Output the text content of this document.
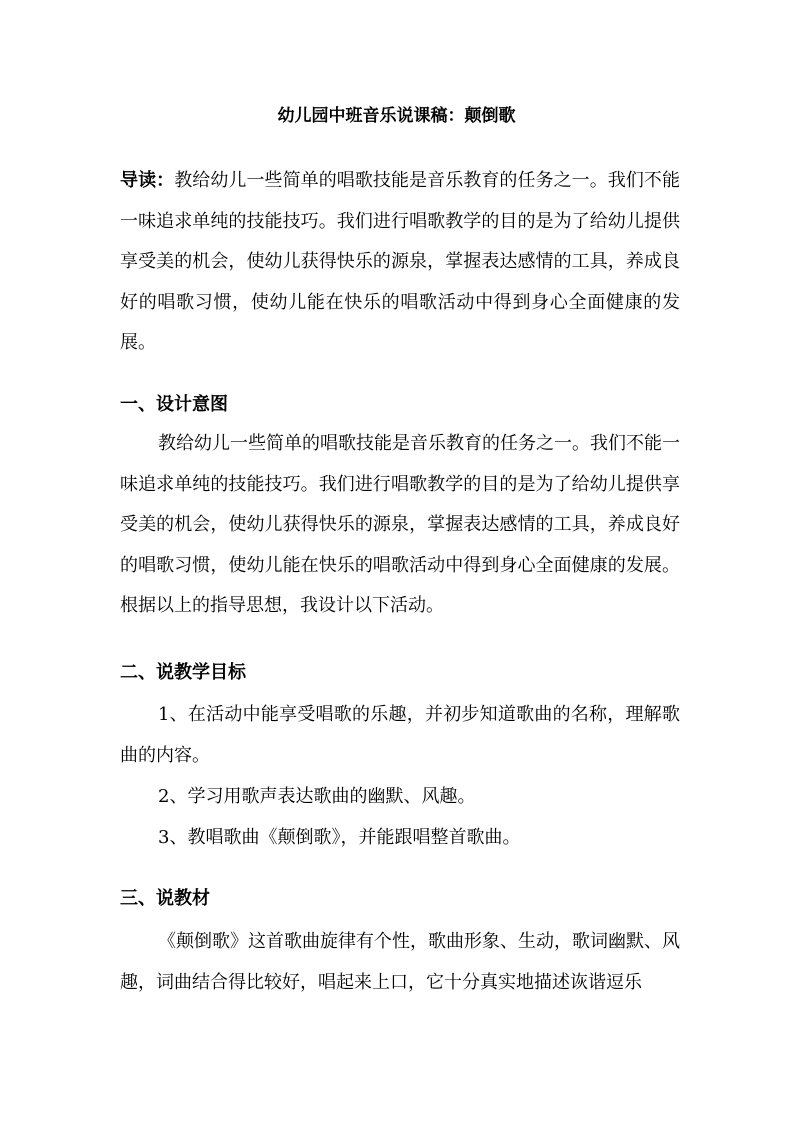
幼儿园中班音乐说课稿：颠倒歌

导读：教给幼儿一些简单的唱歌技能是音乐教育的任务之一。我们不能一味追求单纯的技能技巧。我们进行唱歌教学的目的是为了给幼儿提供享受美的机会，使幼儿获得快乐的源泉，掌握表达感情的工具，养成良好的唱歌习惯，使幼儿能在快乐的唱歌活动中得到身心全面健康的发展。

一、设计意图

教给幼儿一些简单的唱歌技能是音乐教育的任务之一。我们不能一味追求单纯的技能技巧。我们进行唱歌教学的目的是为了给幼儿提供享受美的机会，使幼儿获得快乐的源泉，掌握表达感情的工具，养成良好的唱歌习惯，使幼儿能在快乐的唱歌活动中得到身心全面健康的发展。根据以上的指导思想，我设计以下活动。

二、说教学目标

1、在活动中能享受唱歌的乐趣，并初步知道歌曲的名称，理解歌曲的内容。

2、学习用歌声表达歌曲的幽默、风趣。

3、教唱歌曲《颠倒歌》，并能跟唱整首歌曲。

三、说教材

《颠倒歌》这首歌曲旋律有个性，歌曲形象、生动，歌词幽默、风趣，词曲结合得比较好，唱起来上口，它十分真实地描述诙谐逗乐
